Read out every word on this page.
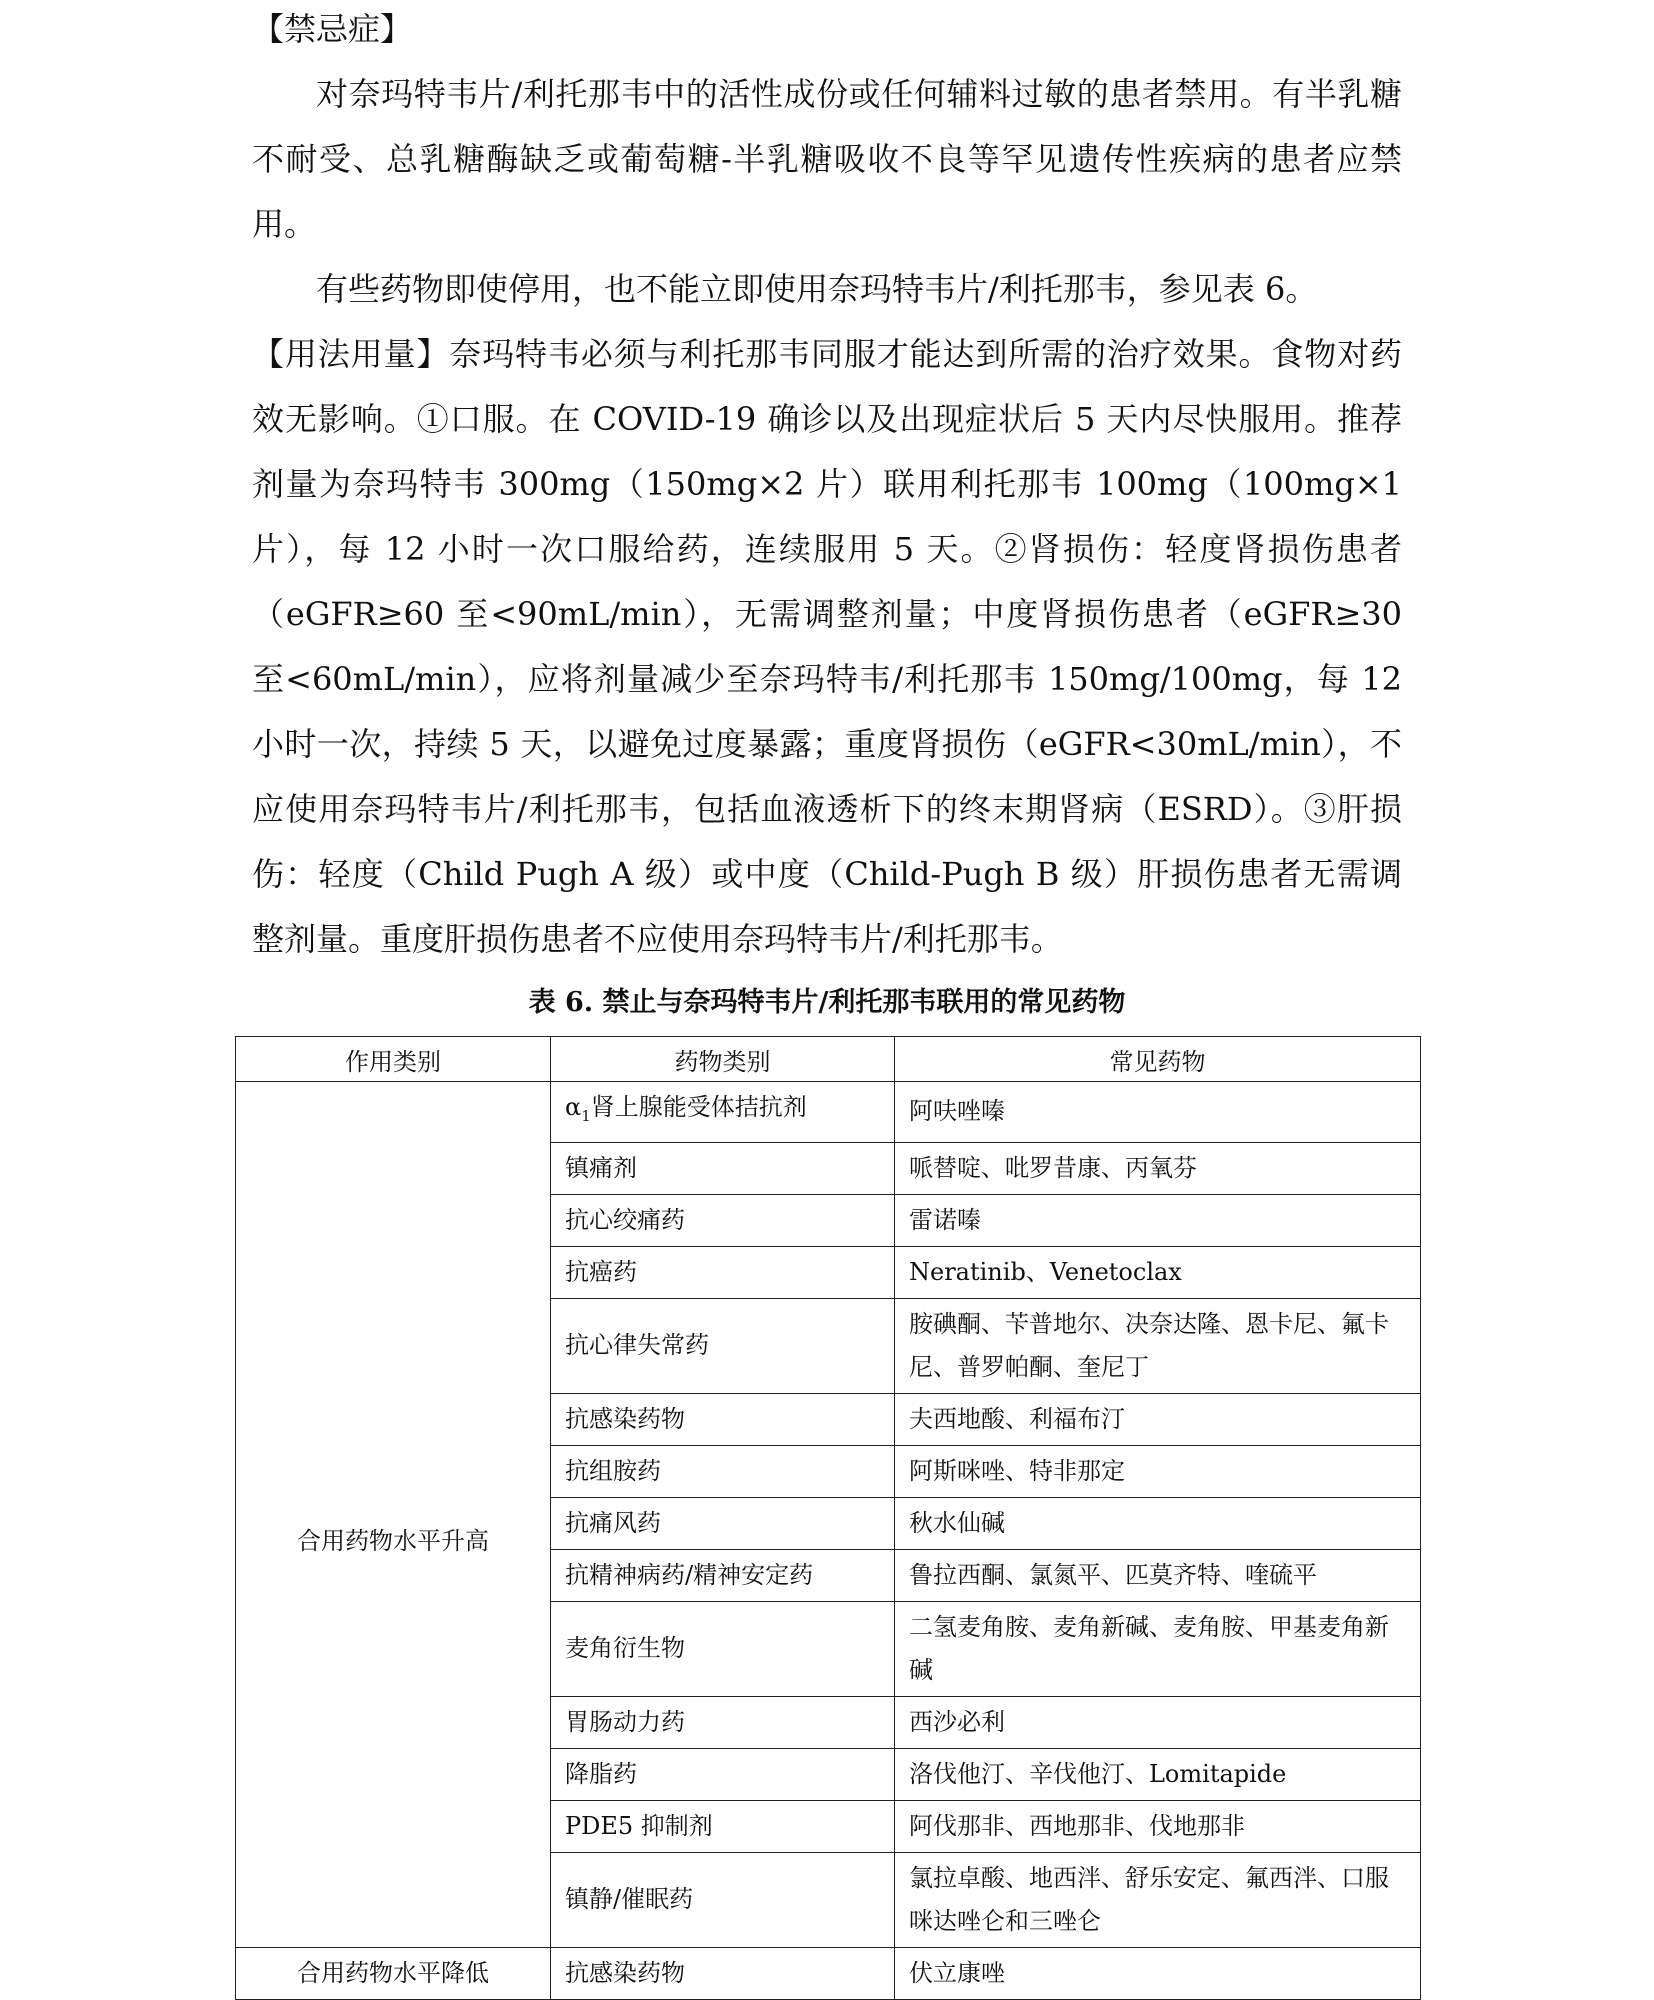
【禁忌症】

对奈玛特韦片/利托那韦中的活性成份或任何辅料过敏的患者禁用。有半乳糖不耐受、总乳糖酶缺乏或葡萄糖-半乳糖吸收不良等罕见遗传性疾病的患者应禁用。

有些药物即使停用，也不能立即使用奈玛特韦片/利托那韦，参见表 6。

【用法用量】奈玛特韦必须与利托那韦同服才能达到所需的治疗效果。食物对药效无影响。①口服。在 COVID-19 确诊以及出现症状后 5 天内尽快服用。推荐剂量为奈玛特韦 300mg（150mg×2 片）联用利托那韦 100mg（100mg×1 片），每 12 小时一次口服给药，连续服用 5 天。②肾损伤：轻度肾损伤患者（eGFR≥60 至<90mL/min），无需调整剂量；中度肾损伤患者（eGFR≥30 至<60mL/min），应将剂量减少至奈玛特韦/利托那韦 150mg/100mg，每 12 小时一次，持续 5 天，以避免过度暴露；重度肾损伤（eGFR<30mL/min），不应使用奈玛特韦片/利托那韦，包括血液透析下的终末期肾病（ESRD）。③肝损伤：轻度（Child Pugh A 级）或中度（Child-Pugh B 级）肝损伤患者无需调整剂量。重度肝损伤患者不应使用奈玛特韦片/利托那韦。

表 6. 禁止与奈玛特韦片/利托那韦联用的常见药物
作用类别	药物类别	常见药物
合用药物水平升高	$\alpha_1$肾上腺能受体拮抗剂	阿呋唑嗪
	镇痛剂	哌替啶、吡罗昔康、丙氧芬
	抗心绞痛药	雷诺嗪
	抗癌药	Neratinib、Venetoclax
	抗心律失常药	胺碘酮、苄普地尔、决奈达隆、恩卡尼、氟卡尼、普罗帕酮、奎尼丁
	抗感染药物	夫西地酸、利福布汀
	抗组胺药	阿斯咪唑、特非那定
	抗痛风药	秋水仙碱
	抗精神病药/精神安定药	鲁拉西酮、氯氮平、匹莫齐特、喹硫平
	麦角衍生物	二氢麦角胺、麦角新碱、麦角胺、甲基麦角新碱
	胃肠动力药	西沙必利
	降脂药	洛伐他汀、辛伐他汀、Lomitapide
	PDE5 抑制剂	阿伐那非、西地那非、伐地那非
	镇静/催眠药	氯拉卓酸、地西泮、舒乐安定、氟西泮、口服咪达唑仑和三唑仑
合用药物水平降低	抗感染药物	伏立康唑
